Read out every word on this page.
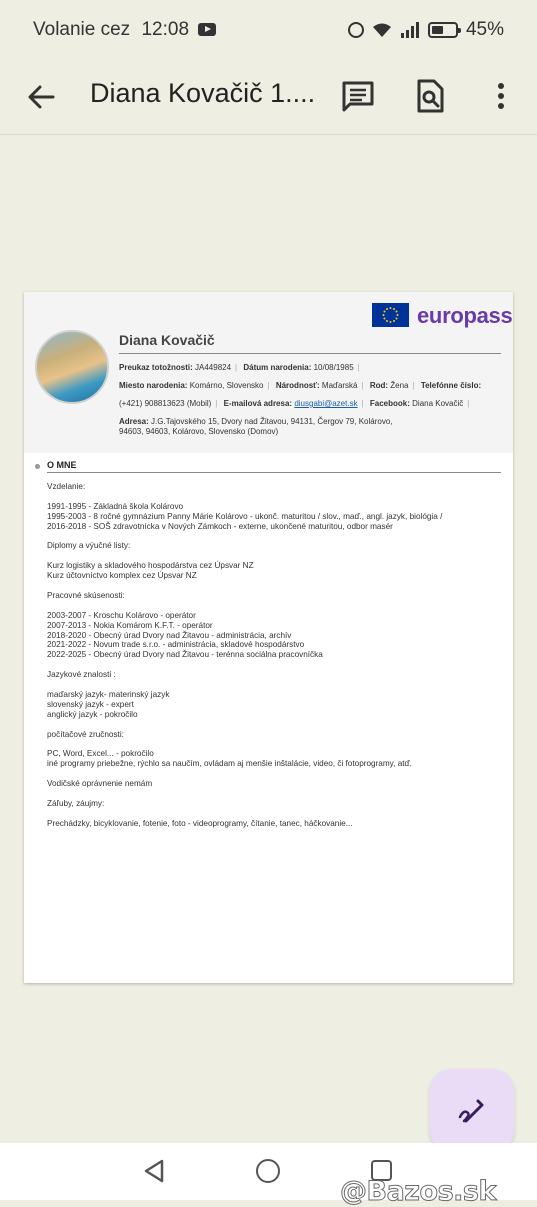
Volanie cez 12:08	45%
Diana Kovačič 1....
europass
Diana Kovačič
Preukaz totožnosti: JA449824 | Dátum narodenia: 10/08/1985 |
Miesto narodenia: Komárno, Slovensko | Národnosť: Maďarská | Rod: Žena | Telefónne číslo:
(+421) 908813623 (Mobil) | E-mailová adresa: diusgabi@azet.sk | Facebook: Diana Kovačič |
Adresa: J.G.Tajovského 15, Dvory nad Žitavou, 94131, Čergov 79, Kolárovo,
94603, 94603, Kolárovo, Slovensko (Domov)
O MNE
Vzdelanie:
1991-1995 - Základná škola Kolárovo
1995-2003 - 8 ročné gymnázium Panny Márie Kolárovo - ukonč. maturitou / slov., maď., angl. jazyk, biológia /
2016-2018 - SOŠ zdravotnícka v Nových Zámkoch - externe, ukončené maturitou, odbor masér
Diplomy a výučné listy:
Kurz logistiky a skladového hospodárstva cez Úpsvar NZ
Kurz účtovníctvo komplex cez Úpsvar NZ
Pracovné skúsenosti:
2003-2007 - Kroschu Kolárovo - operátor
2007-2013 - Nokia Komárom K.F.T. - operátor
2018-2020 - Obecný úrad Dvory nad Žitavou - administrácia, archív
2021-2022 - Novum trade s.r.o. - administrácia, skladové hospodárstvo
2022-2025 - Obecný úrad Dvory nad Žitavou - terénna sociálna pracovníčka
Jazykové znalosti :
maďarský jazyk- materinský jazyk
slovenský jazyk - expert
anglický jazyk - pokročilo
počítačové zručnosti:
PC, Word, Excel... - pokročilo
iné programy priebežne, rýchlo sa naučím, ovládam aj menšie inštalácie, video, či fotoprogramy, atď.
Vodičské oprávnenie nemám
Záľuby, záujmy:
Prechádzky, bicyklovanie, fotenie, foto - videoprogramy, čítanie, tanec, háčkovanie...
@Bazos.sk
